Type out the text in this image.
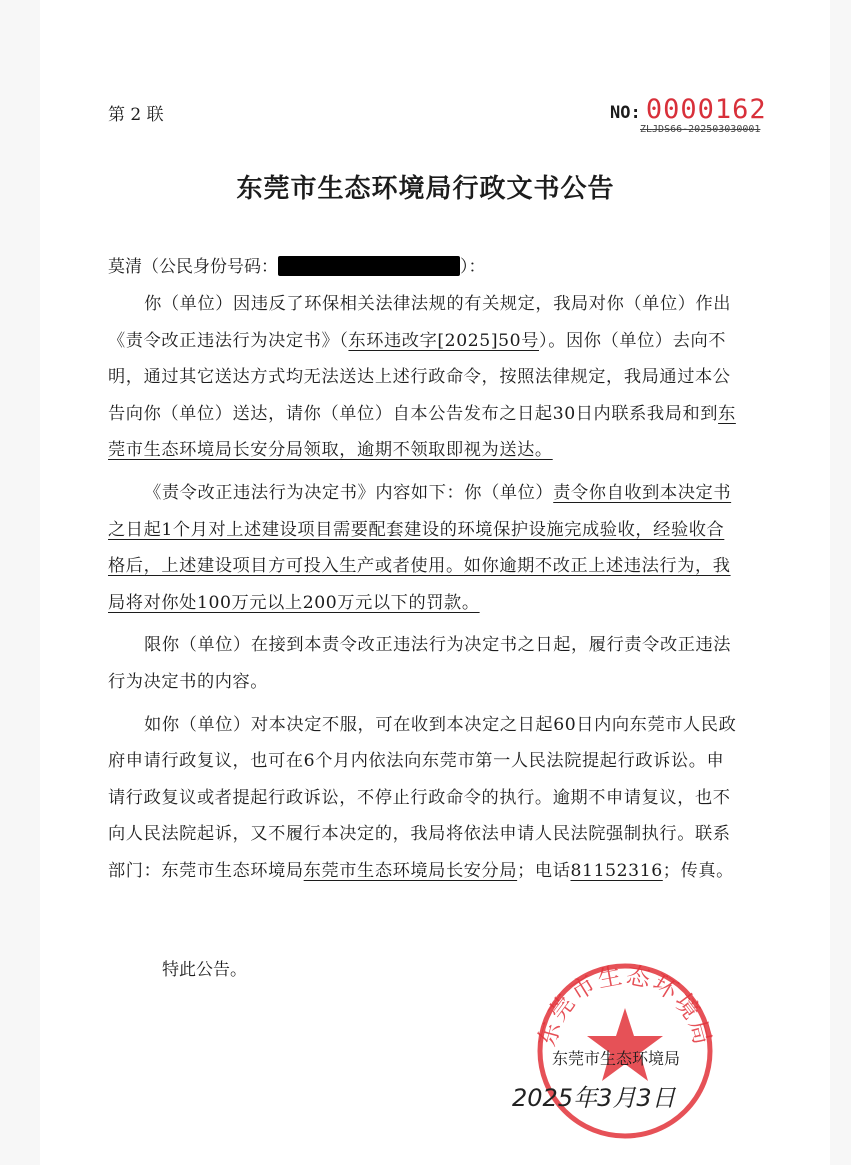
第 2 联	NO: 0000162
ZLJDS66-202503030001
东莞市生态环境局行政文书公告
莫清（公民身份号码：	）：

你（单位）因违反了环保相关法律法规的有关规定，我局对你（单位）作出《责令改正违法行为决定书》（东环违改字[2025]50号）。因你（单位）去向不明，通过其它送达方式均无法送达上述行政命令，按照法律规定，我局通过本公告向你（单位）送达，请你（单位）自本公告发布之日起30日内联系我局和到东莞市生态环境局长安分局领取，逾期不领取即视为送达。

《责令改正违法行为决定书》内容如下：你（单位）责令你自收到本决定书之日起1个月对上述建设项目需要配套建设的环境保护设施完成验收，经验收合格后，上述建设项目方可投入生产或者使用。如你逾期不改正上述违法行为，我局将对你处100万元以上200万元以下的罚款。

限你（单位）在接到本责令改正违法行为决定书之日起，履行责令改正违法行为决定书的内容。

如你（单位）对本决定不服，可在收到本决定之日起60日内向东莞市人民政府申请行政复议，也可在6个月内依法向东莞市第一人民法院提起行政诉讼。申请行政复议或者提起行政诉讼，不停止行政命令的执行。逾期不申请复议，也不向人民法院起诉，又不履行本决定的，我局将依法申请人民法院强制执行。联系部门：东莞市生态环境局东莞市生态环境局长安分局；电话81152316；传真。

特此公告。
东莞市生态环境局
东莞市生态环境局
2025年3月3日
